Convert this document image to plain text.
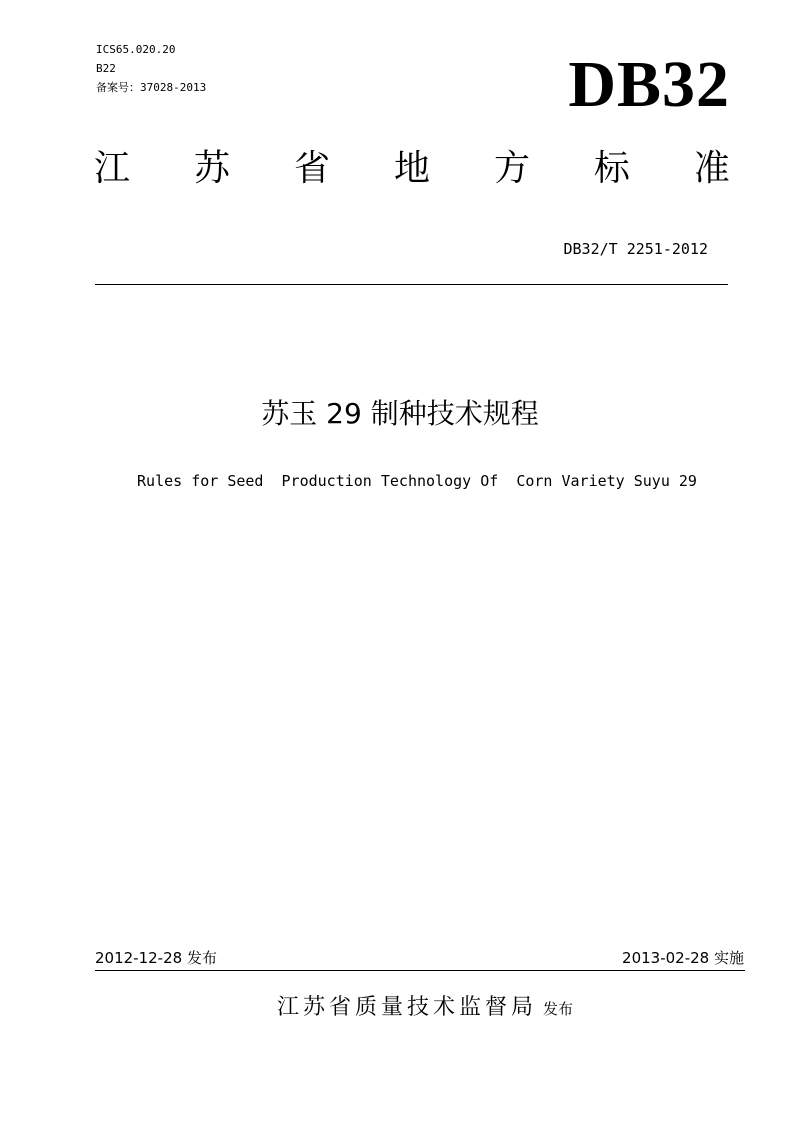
ICS65.020.20
B22
备案号：37028-2013	DB32
江 苏 省 地 方 标 准
DB32/T 2251-2012
苏玉 29 制种技术规程
Rules for Seed  Production Technology Of  Corn Variety Suyu 29
2012-12-28 发布	2013-02-28 实施
江苏省质量技术监督局 发布
